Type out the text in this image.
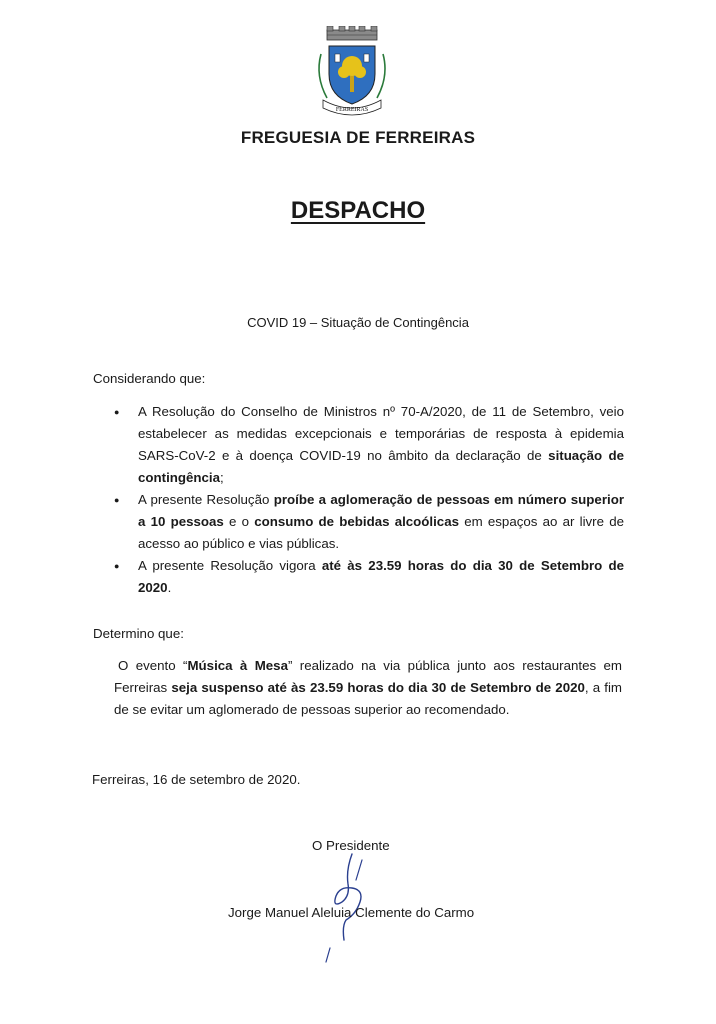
FERREIRAS
FREGUESIA DE FERREIRAS
DESPACHO
COVID 19 – Situação de Contingência
Considerando que:
● A Resolução do Conselho de Ministros nº 70-A/2020, de 11 de Setembro, veio estabelecer as medidas excepcionais e temporárias de resposta à epidemia SARS-CoV-2 e à doença COVID-19 no âmbito da declaração de situação de contingência;
● A presente Resolução proíbe a aglomeração de pessoas em número superior a 10 pessoas e o consumo de bebidas alcoólicas em espaços ao ar livre de acesso ao público e vias públicas.
● A presente Resolução vigora até às 23.59 horas do dia 30 de Setembro de 2020.
Determino que:
O evento “Música à Mesa” realizado na via pública junto aos restaurantes em Ferreiras seja suspenso até às 23.59 horas do dia 30 de Setembro de 2020, a fim de se evitar um aglomerado de pessoas superior ao recomendado.
Ferreiras, 16 de setembro de 2020.
O Presidente
Jorge Manuel Aleluia Clemente do Carmo
